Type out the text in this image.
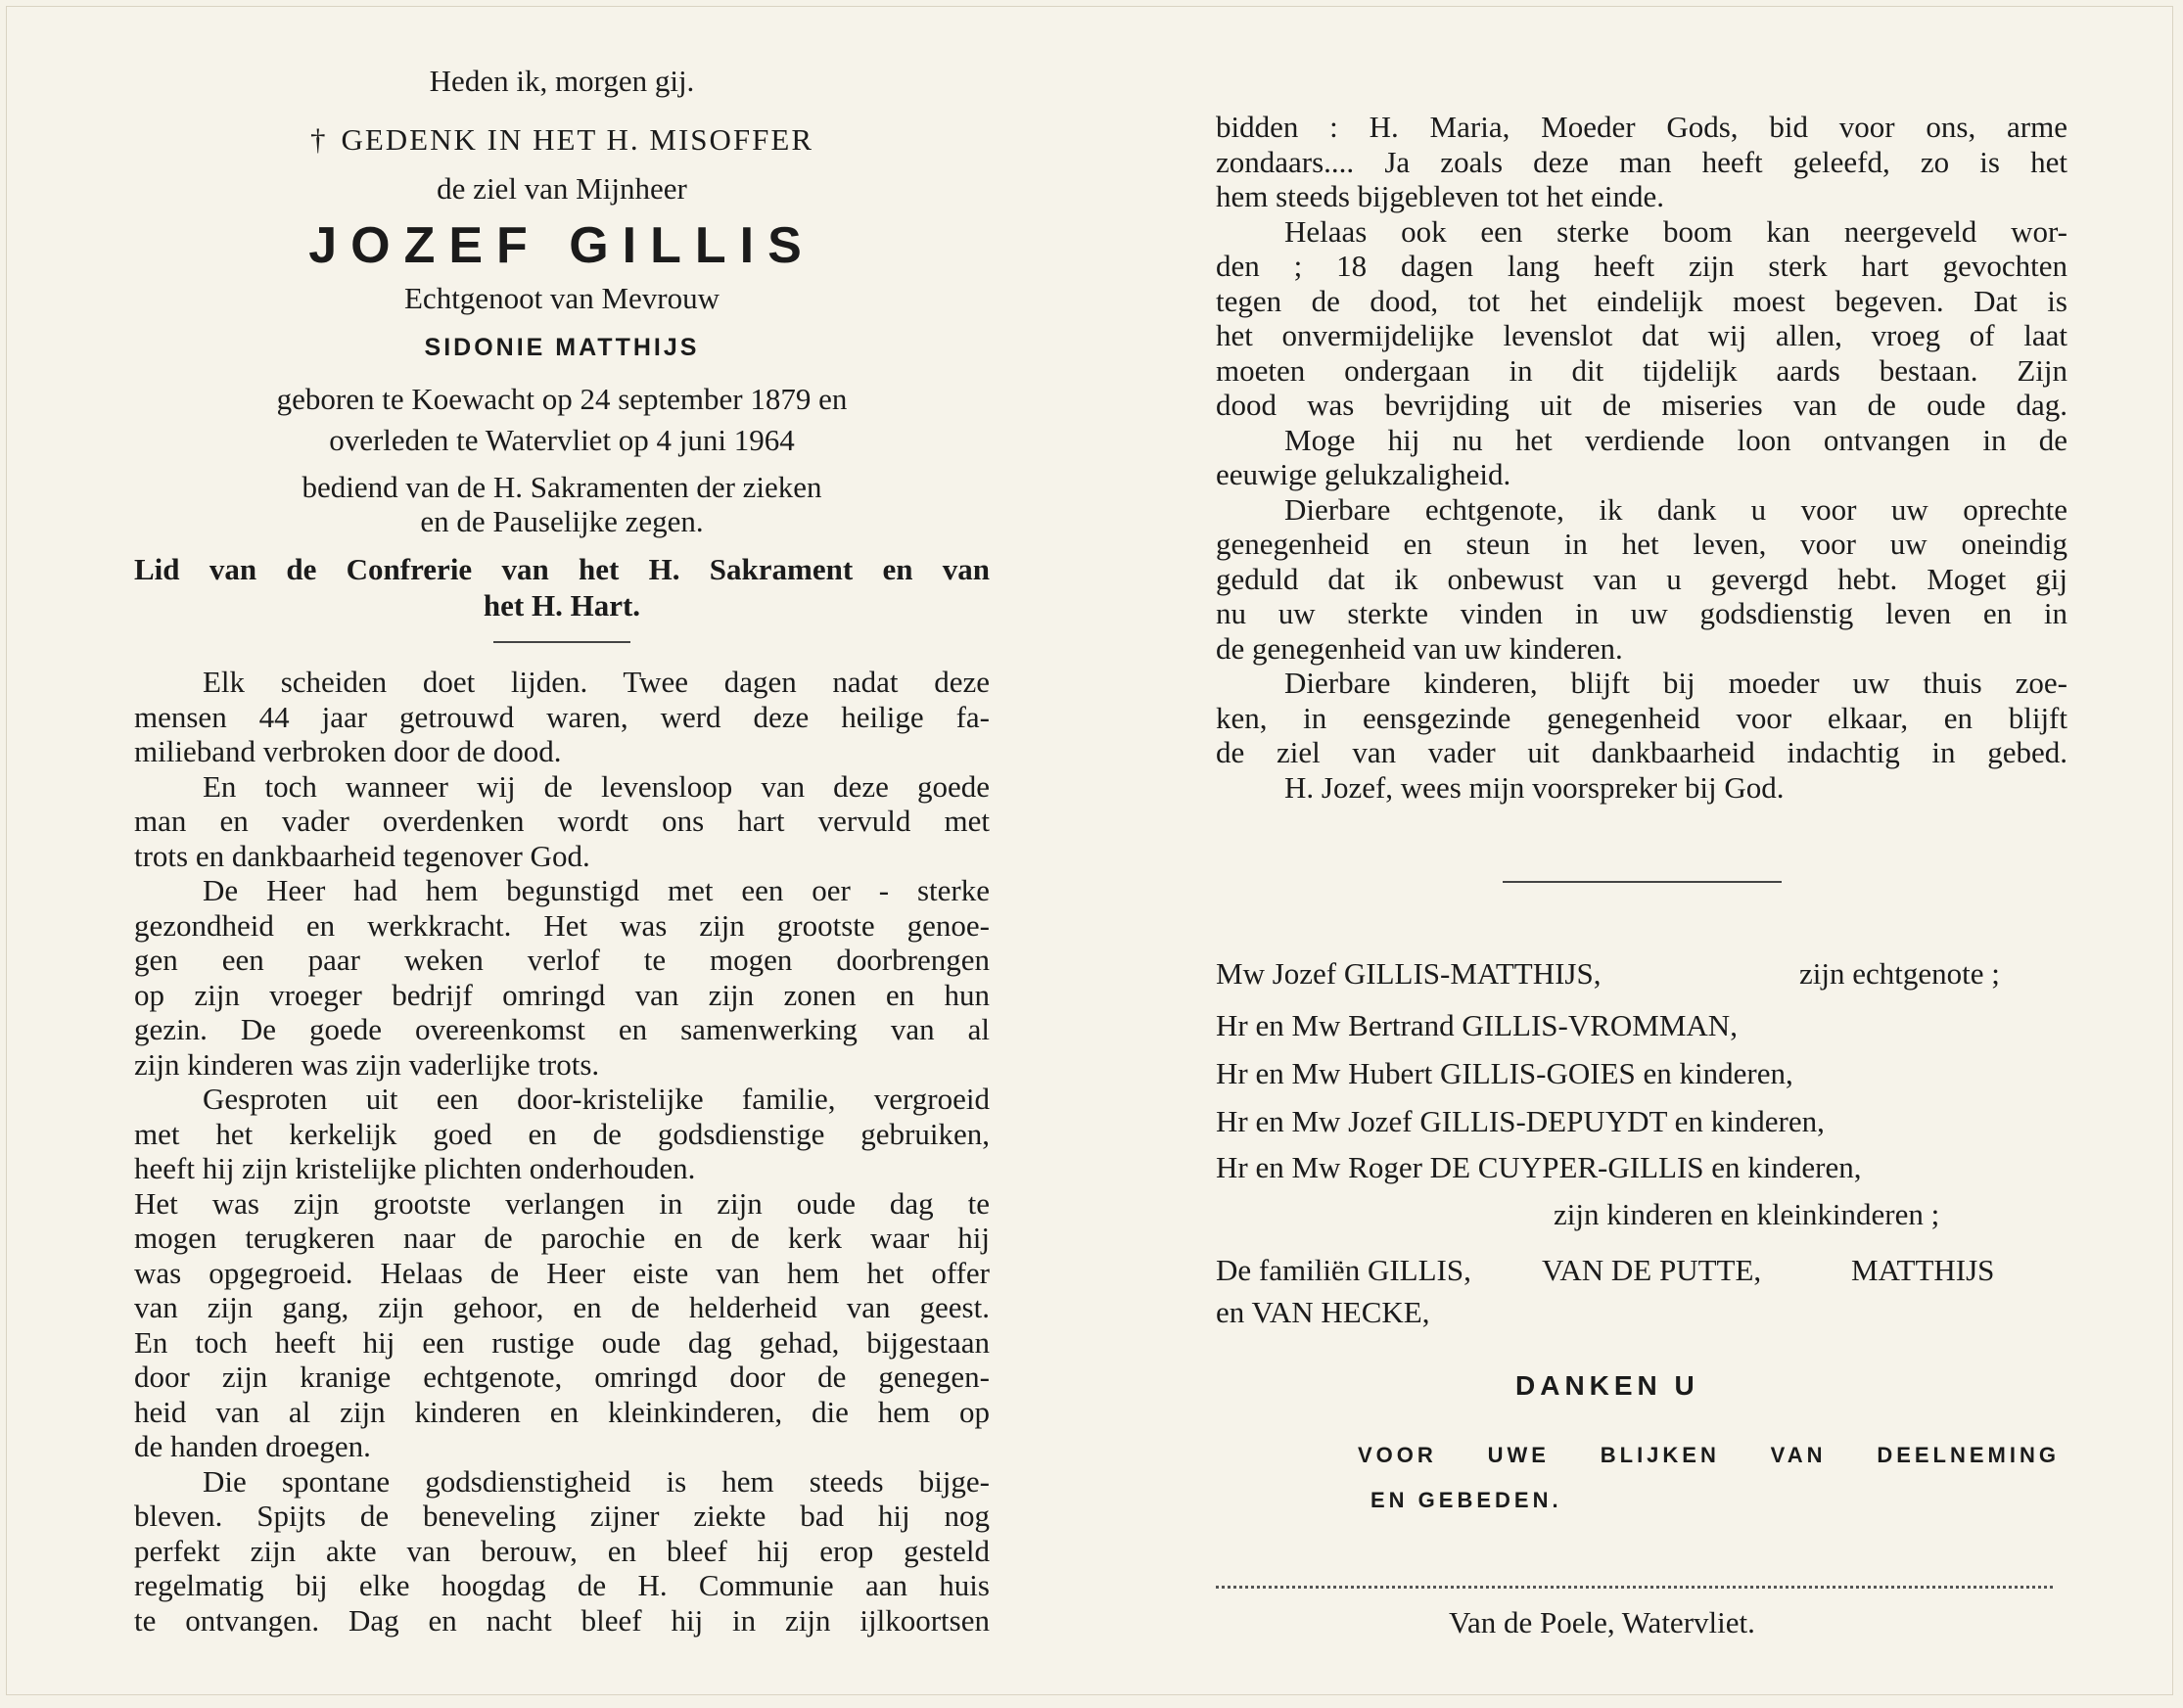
Heden ik, morgen gij.
† GEDENK IN HET H. MISOFFER
de ziel van Mijnheer
JOZEF GILLIS
Echtgenoot van Mevrouw
SIDONIE MATTHIJS
geboren te Koewacht op 24 september 1879 en
overleden te Watervliet op 4 juni 1964
bediend van de H. Sakramenten der zieken
en de Pauselijke zegen.
Lid van de Confrerie van het H. Sakrament en van
het H. Hart.
Elk scheiden doet lijden. Twee dagen nadat deze
mensen 44 jaar getrouwd waren, werd deze heilige fa-
milieband verbroken door de dood.
En toch wanneer wij de levensloop van deze goede
man en vader overdenken wordt ons hart vervuld met
trots en dankbaarheid tegenover God.
De Heer had hem begunstigd met een oer - sterke
gezondheid en werkkracht. Het was zijn grootste genoe-
gen een paar weken verlof te mogen doorbrengen
op zijn vroeger bedrijf omringd van zijn zonen en hun
gezin. De goede overeenkomst en samenwerking van al
zijn kinderen was zijn vaderlijke trots.
Gesproten uit een door-kristelijke familie, vergroeid
met het kerkelijk goed en de godsdienstige gebruiken,
heeft hij zijn kristelijke plichten onderhouden.
Het was zijn grootste verlangen in zijn oude dag te
mogen terugkeren naar de parochie en de kerk waar hij
was opgegroeid. Helaas de Heer eiste van hem het offer
van zijn gang, zijn gehoor, en de helderheid van geest.
En toch heeft hij een rustige oude dag gehad, bijgestaan
door zijn kranige echtgenote, omringd door de genegen-
heid van al zijn kinderen en kleinkinderen, die hem op
de handen droegen.
Die spontane godsdienstigheid is hem steeds bijge-
bleven. Spijts de beneveling zijner ziekte bad hij nog
perfekt zijn akte van berouw, en bleef hij erop gesteld
regelmatig bij elke hoogdag de H. Communie aan huis
te ontvangen. Dag en nacht bleef hij in zijn ijlkoortsen
bidden : H. Maria, Moeder Gods, bid voor ons, arme
zondaars.... Ja zoals deze man heeft geleefd, zo is het
hem steeds bijgebleven tot het einde.
Helaas ook een sterke boom kan neergeveld wor-
den ; 18 dagen lang heeft zijn sterk hart gevochten
tegen de dood, tot het eindelijk moest begeven. Dat is
het onvermijdelijke levenslot dat wij allen, vroeg of laat
moeten ondergaan in dit tijdelijk aards bestaan. Zijn
dood was bevrijding uit de miseries van de oude dag.
Moge hij nu het verdiende loon ontvangen in de
eeuwige gelukzaligheid.
Dierbare echtgenote, ik dank u voor uw oprechte
genegenheid en steun in het leven, voor uw oneindig
geduld dat ik onbewust van u gevergd hebt. Moget gij
nu uw sterkte vinden in uw godsdienstig leven en in
de genegenheid van uw kinderen.
Dierbare kinderen, blijft bij moeder uw thuis zoe-
ken, in eensgezinde genegenheid voor elkaar, en blijft
de ziel van vader uit dankbaarheid indachtig in gebed.
H. Jozef, wees mijn voorspreker bij God.
Mw Jozef GILLIS-MATTHIJS,	zijn echtgenote ;
Hr en Mw Bertrand GILLIS-VROMMAN,
Hr en Mw Hubert GILLIS-GOIES en kinderen,
Hr en Mw Jozef GILLIS-DEPUYDT en kinderen,
Hr en Mw Roger DE CUYPER-GILLIS en kinderen,
zijn kinderen en kleinkinderen ;
De familiën GILLIS, VAN DE PUTTE,	MATTHIJS
en VAN HECKE,
DANKEN U
VOOR UWE BLIJKEN VAN DEELNEMING
EN GEBEDEN.
Van de Poele, Watervliet.
